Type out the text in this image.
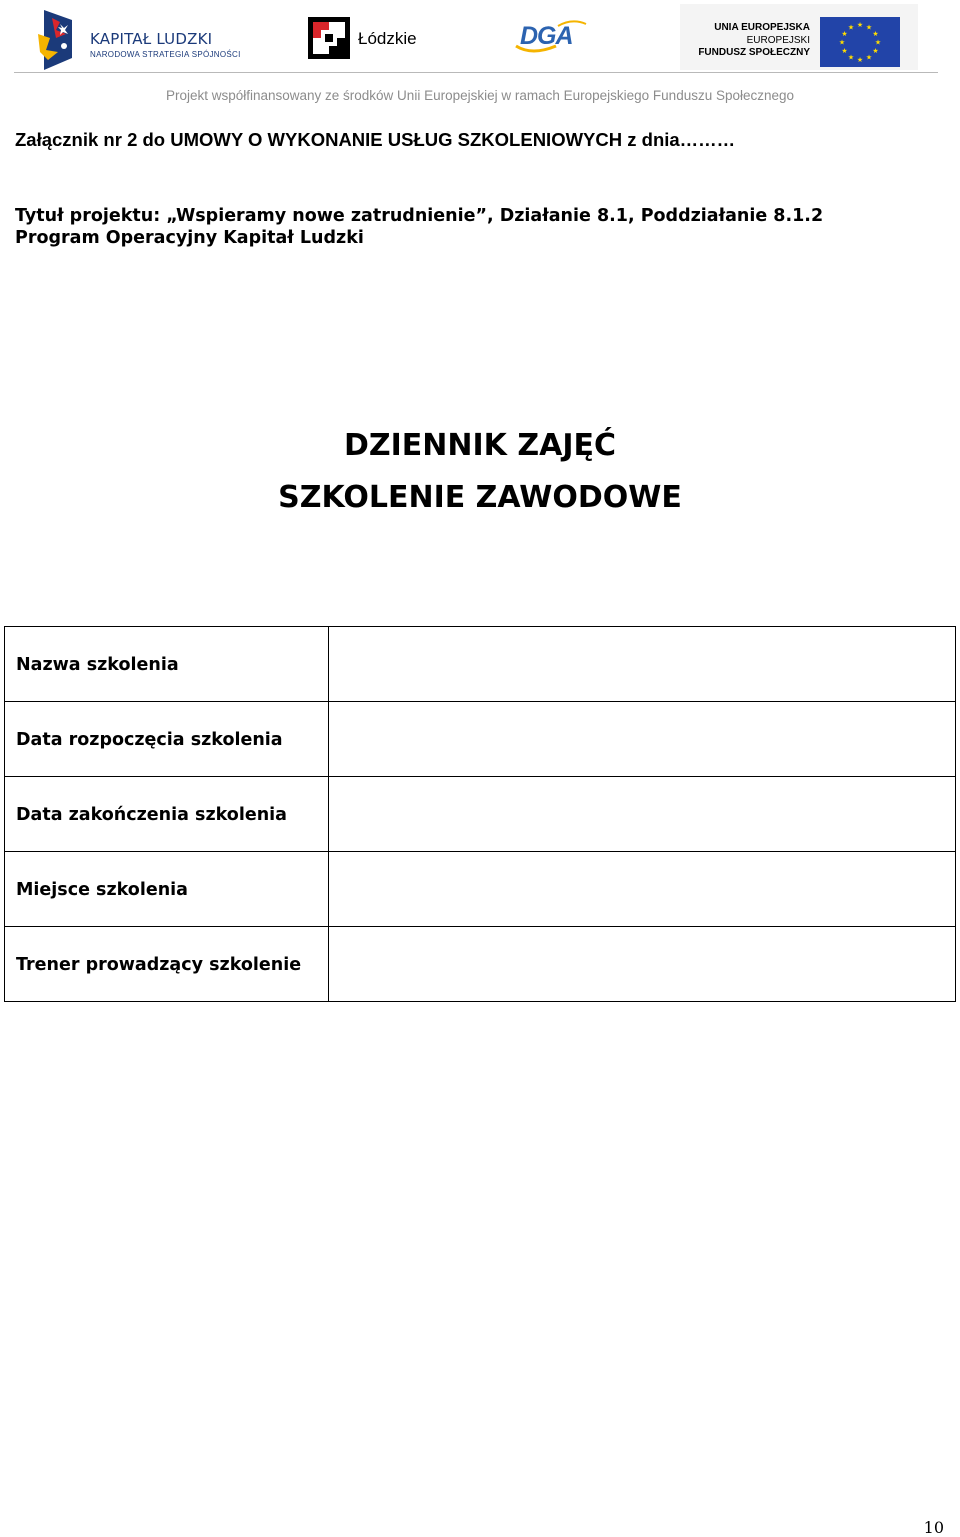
KAPITAŁ LUDZKI
NARODOWA STRATEGIA SPÓJNOŚCI
Łódzkie	DGA	UNIA EUROPEJSKA
EUROPEJSKI
FUNDUSZ SPOŁECZNY
★ ★
★
★
★
★
★
★
★
★
★
★
Projekt współfinansowany ze środków Unii Europejskiej w ramach Europejskiego Funduszu Społecznego
Załącznik nr 2 do UMOWY O WYKONANIE USŁUG SZKOLENIOWYCH z dnia………
Tytuł projektu: „Wspieramy nowe zatrudnienie”, Działanie 8.1, Poddziałanie 8.1.2
Program Operacyjny Kapitał Ludzki
DZIENNIK ZAJĘĆ
SZKOLENIE ZAWODOWE
Nazwa szkolenia	
Data rozpoczęcia szkolenia	
Data zakończenia szkolenia	
Miejsce szkolenia	
Trener prowadzący szkolenie	
10
